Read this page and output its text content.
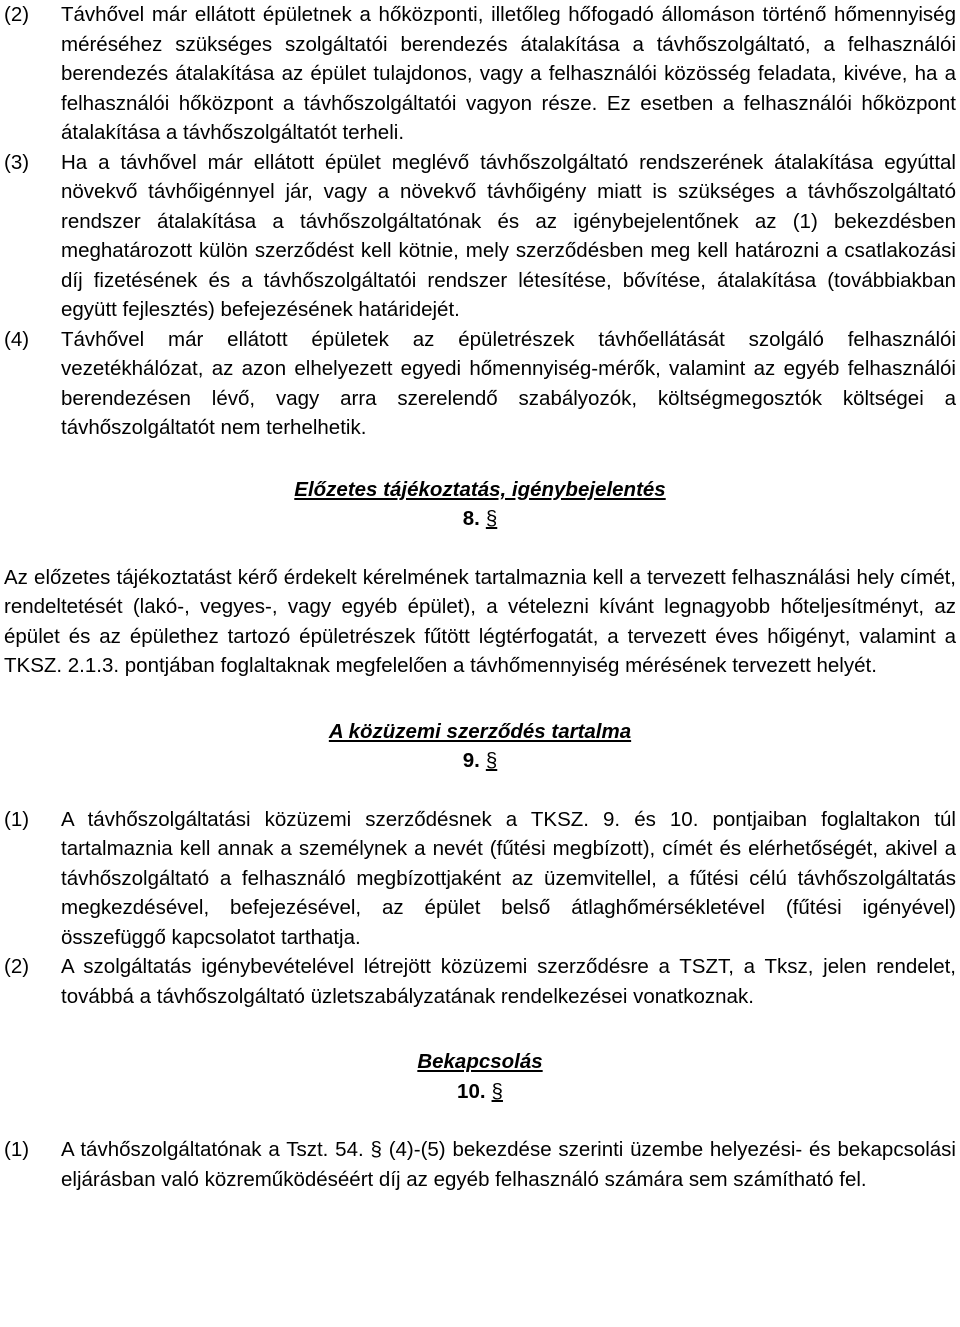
(2)	Távhővel már ellátott épületnek a hőközponti, illetőleg hőfogadó állomáson történő hőmennyiség méréséhez szükséges szolgáltatói berendezés átalakítása a távhőszolgáltató, a felhasználói berendezés átalakítása az épület tulajdonos, vagy a felhasználói közösség feladata, kivéve, ha a felhasználói hőközpont a távhőszolgáltatói vagyon része. Ez esetben a felhasználói hőközpont átalakítása a távhőszolgáltatót terheli.
(3)	Ha a távhővel már ellátott épület meglévő távhőszolgáltató rendszerének átalakítása egyúttal növekvő távhőigénnyel jár, vagy a növekvő távhőigény miatt is szükséges a távhőszolgáltató rendszer átalakítása a távhőszolgáltatónak és az igénybejelentőnek az (1) bekezdésben meghatározott külön szerződést kell kötnie, mely szerződésben meg kell határozni a csatlakozási díj fizetésének és a távhőszolgáltatói rendszer létesítése, bővítése, átalakítása (továbbiakban együtt fejlesztés) befejezésének határidejét.
(4)	Távhővel már ellátott épületek az épületrészek távhőellátását szolgáló felhasználói vezetékhálózat, az azon elhelyezett egyedi hőmennyiség-mérők, valamint az egyéb felhasználói berendezésen lévő, vagy arra szerelendő szabályozók, költségmegosztók költségei a távhőszolgáltatót nem terhelhetik.
Előzetes tájékoztatás, igénybejelentés
8. §
Az előzetes tájékoztatást kérő érdekelt kérelmének tartalmaznia kell a tervezett felhasználási hely címét, rendeltetését (lakó-, vegyes-, vagy egyéb épület), a vételezni kívánt legnagyobb hőteljesítményt, az épület és az épülethez tartozó épületrészek fűtött légtérfogatát, a tervezett éves hőigényt, valamint a TKSZ. 2.1.3. pontjában foglaltaknak megfelelően a távhőmennyiség mérésének tervezett helyét.
A közüzemi szerződés tartalma
9. §
(1)	A távhőszolgáltatási közüzemi szerződésnek a TKSZ. 9. és 10. pontjaiban foglaltakon túl tartalmaznia kell annak a személynek a nevét (fűtési megbízott), címét és elérhetőségét, akivel a távhőszolgáltató a felhasználó megbízottjaként az üzemvitellel, a fűtési célú távhőszolgáltatás megkezdésével, befejezésével, az épület belső átlaghőmérsékletével (fűtési igényével) összefüggő kapcsolatot tarthatja.
(2)	A szolgáltatás igénybevételével létrejött közüzemi szerződésre a TSZT, a Tksz, jelen rendelet, továbbá a távhőszolgáltató üzletszabályzatának rendelkezései vonatkoznak.
Bekapcsolás
10. §
(1)	A távhőszolgáltatónak a Tszt. 54. § (4)-(5) bekezdése szerinti üzembe helyezési- és bekapcsolási eljárásban való közreműködéséért díj az egyéb felhasználó számára sem számítható fel.
